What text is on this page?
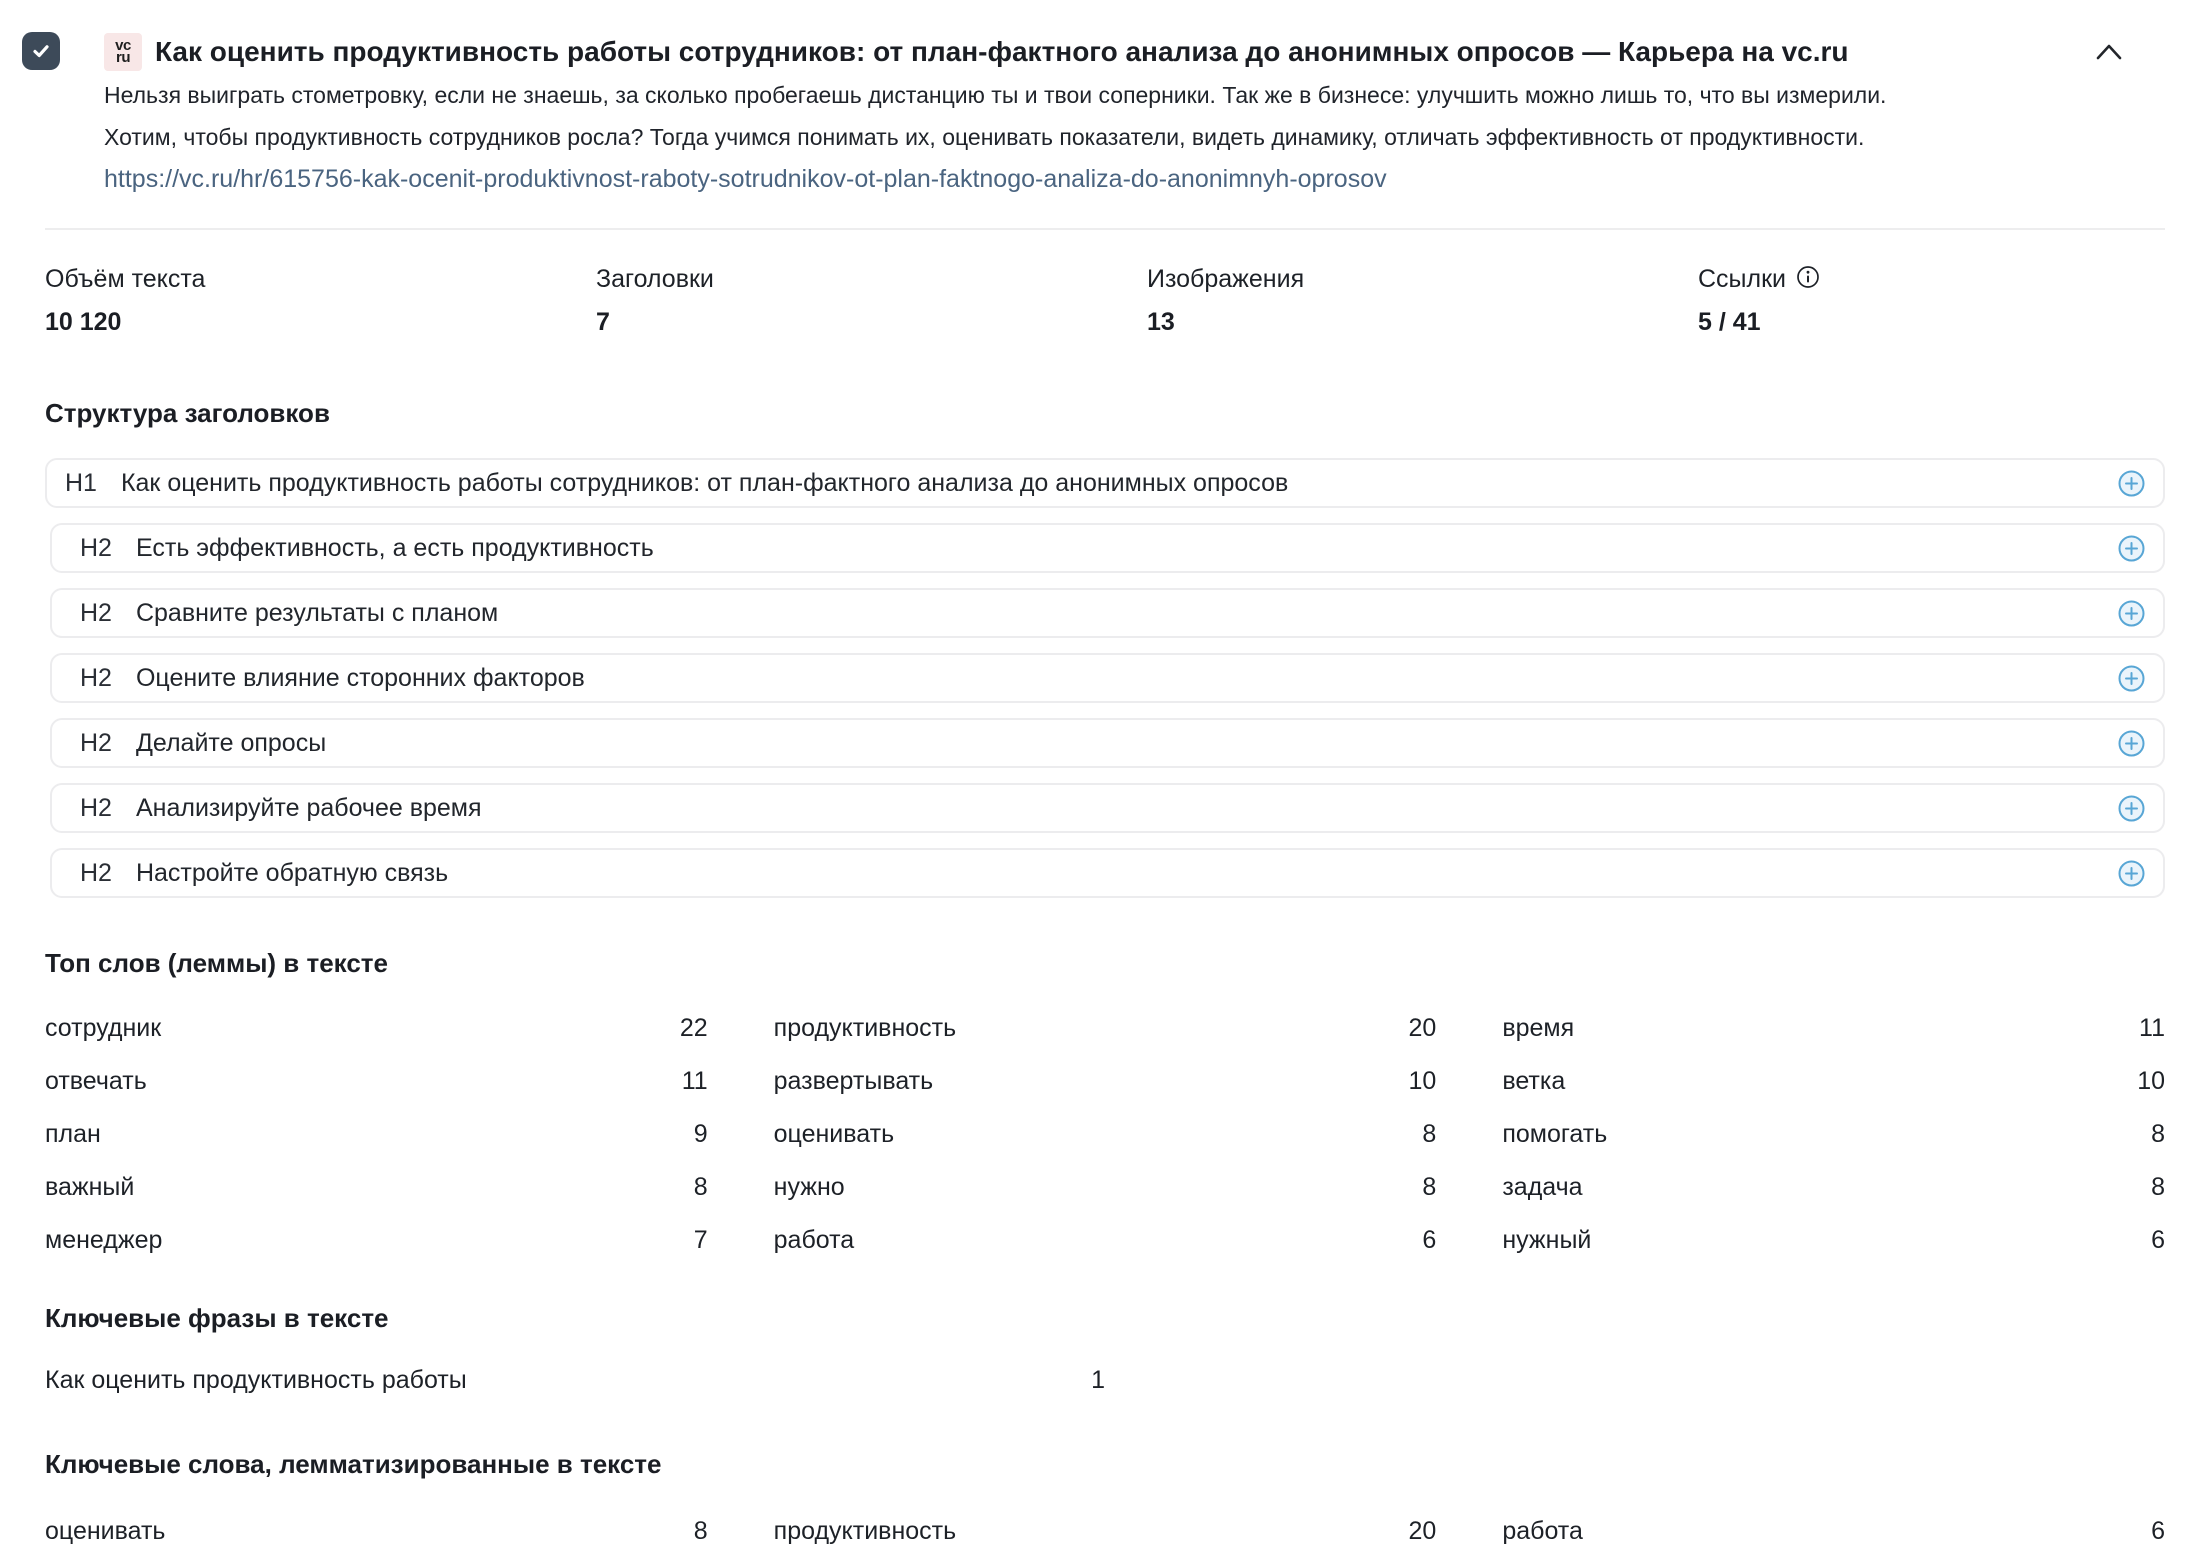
vc
ru Как оценить продуктивность работы сотрудников: от план-фактного анализа до анонимных опросов — Карьера на vc.ru
Нельзя выиграть стометровку, если не знаешь, за сколько пробегаешь дистанцию ты и твои соперники. Так же в бизнесе: улучшить можно лишь то, что вы измерили.
Хотим, чтобы продуктивность сотрудников росла? Тогда учимся понимать их, оценивать показатели, видеть динамику, отличать эффективность от продуктивности.
https://vc.ru/hr/615756-kak-ocenit-produktivnost-raboty-sotrudnikov-ot-plan-faktnogo-analiza-do-anonimnyh-oprosov
Объём текста
10 120
Заголовки
7
Изображения
13
Ссылки
5 / 41
Структура заголовков
H1 Как оценить продуктивность работы сотрудников: от план-фактного анализа до анонимных опросов
H2 Есть эффективность, а есть продуктивность
H2 Сравните результаты с планом
H2 Оцените влияние сторонних факторов
H2 Делайте опросы
H2 Анализируйте рабочее время
H2 Настройте обратную связь
Топ слов (леммы) в тексте
сотрудник	22	продуктивность	20	время	11
отвечать	11	развертывать	10	ветка	10
план	9	оценивать	8	помогать	8
важный	8	нужно	8	задача	8
менеджер	7	работа	6	нужный	6
Ключевые фразы в тексте
Как оценить продуктивность работы	1
Ключевые слова, лемматизированные в тексте
оценивать	8	продуктивность	20	работа	6
